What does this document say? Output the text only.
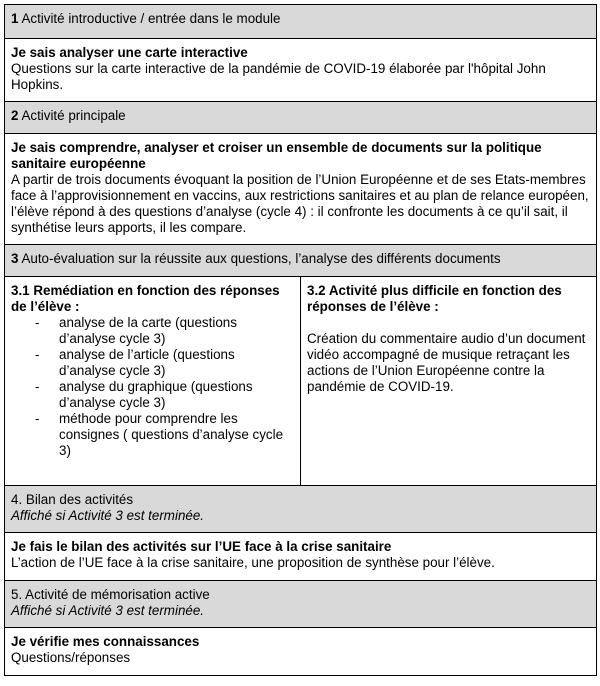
1 Activité introductive / entrée dans le module

Je sais analyser une carte interactive
Questions sur la carte interactive de la pandémie de COVID-19 élaborée par l'hôpital John Hopkins.

2 Activité principale

Je sais comprendre, analyser et croiser un ensemble de documents sur la politique sanitaire européenne
A partir de trois documents évoquant la position de l’Union Européenne et de ses Etats-membres face à l’approvisionnement en vaccins, aux restrictions sanitaires et au plan de relance européen, l’élève répond à des questions d’analyse (cycle 4) : il confronte les documents à ce qu’il sait, il synthétise leurs apports, il les compare.

3 Auto-évaluation sur la réussite aux questions, l’analyse des différents documents

3.1 Remédiation en fonction des réponses de l’élève :
- analyse de la carte (questions d’analyse cycle 3)
- analyse de l’article (questions d’analyse cycle 3)
- analyse du graphique (questions d’analyse cycle 3)
- méthode pour comprendre les consignes ( questions d’analyse cycle 3)

3.2 Activité plus difficile en fonction des réponses de l’élève :
Création du commentaire audio d’un document vidéo accompagné de musique retraçant les actions de l’Union Européenne contre la pandémie de COVID-19.

4. Bilan des activités
Affiché si Activité 3 est terminée.

Je fais le bilan des activités sur l’UE face à la crise sanitaire
L’action de l’UE face à la crise sanitaire, une proposition de synthèse pour l’élève.

5. Activité de mémorisation active
Affiché si Activité 3 est terminée.

Je vérifie mes connaissances
Questions/réponses
